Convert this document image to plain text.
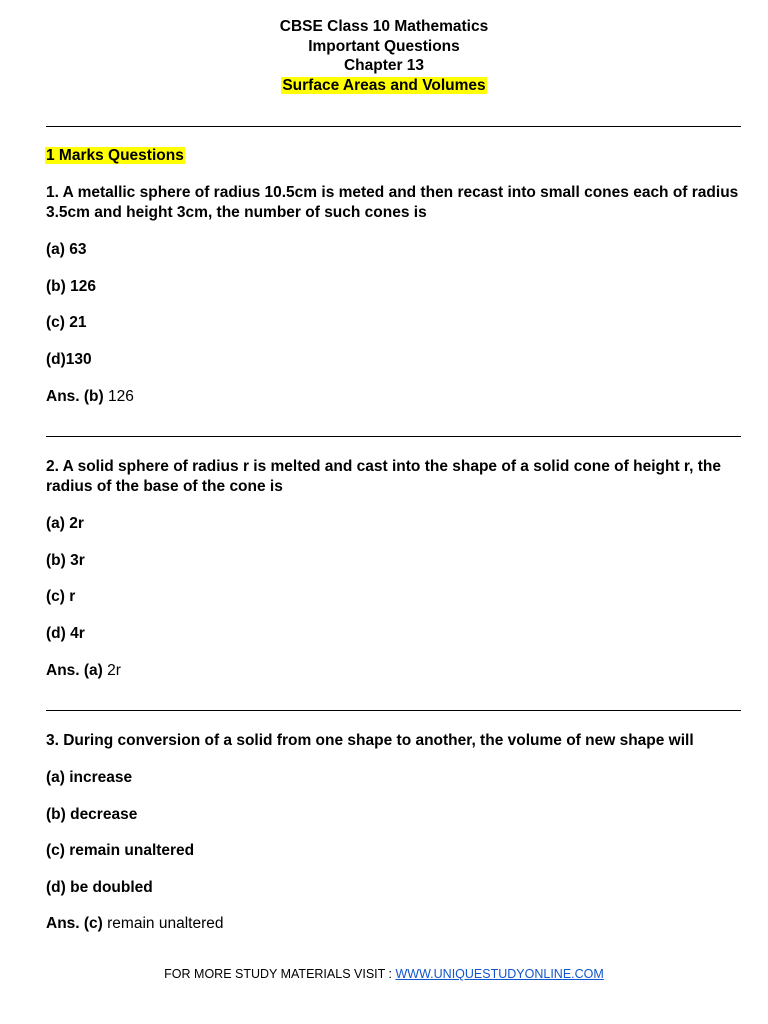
CBSE Class 10 Mathematics
Important Questions
Chapter 13
Surface Areas and Volumes
1 Marks Questions

1. A metallic sphere of radius 10.5cm is meted and then recast into small cones each of radius 3.5cm and height 3cm, the number of such cones is

(a) 63

(b) 126

(c) 21

(d)130

Ans. (b) 126

2. A solid sphere of radius r is melted and cast into the shape of a solid cone of height r, the radius of the base of the cone is

(a) 2r

(b) 3r

(c) r

(d) 4r

Ans. (a) 2r

3. During conversion of a solid from one shape to another, the volume of new shape will

(a) increase

(b) decrease

(c) remain unaltered

(d) be doubled

Ans. (c) remain unaltered

FOR MORE STUDY MATERIALS VISIT : WWW.UNIQUESTUDYONLINE.COM
